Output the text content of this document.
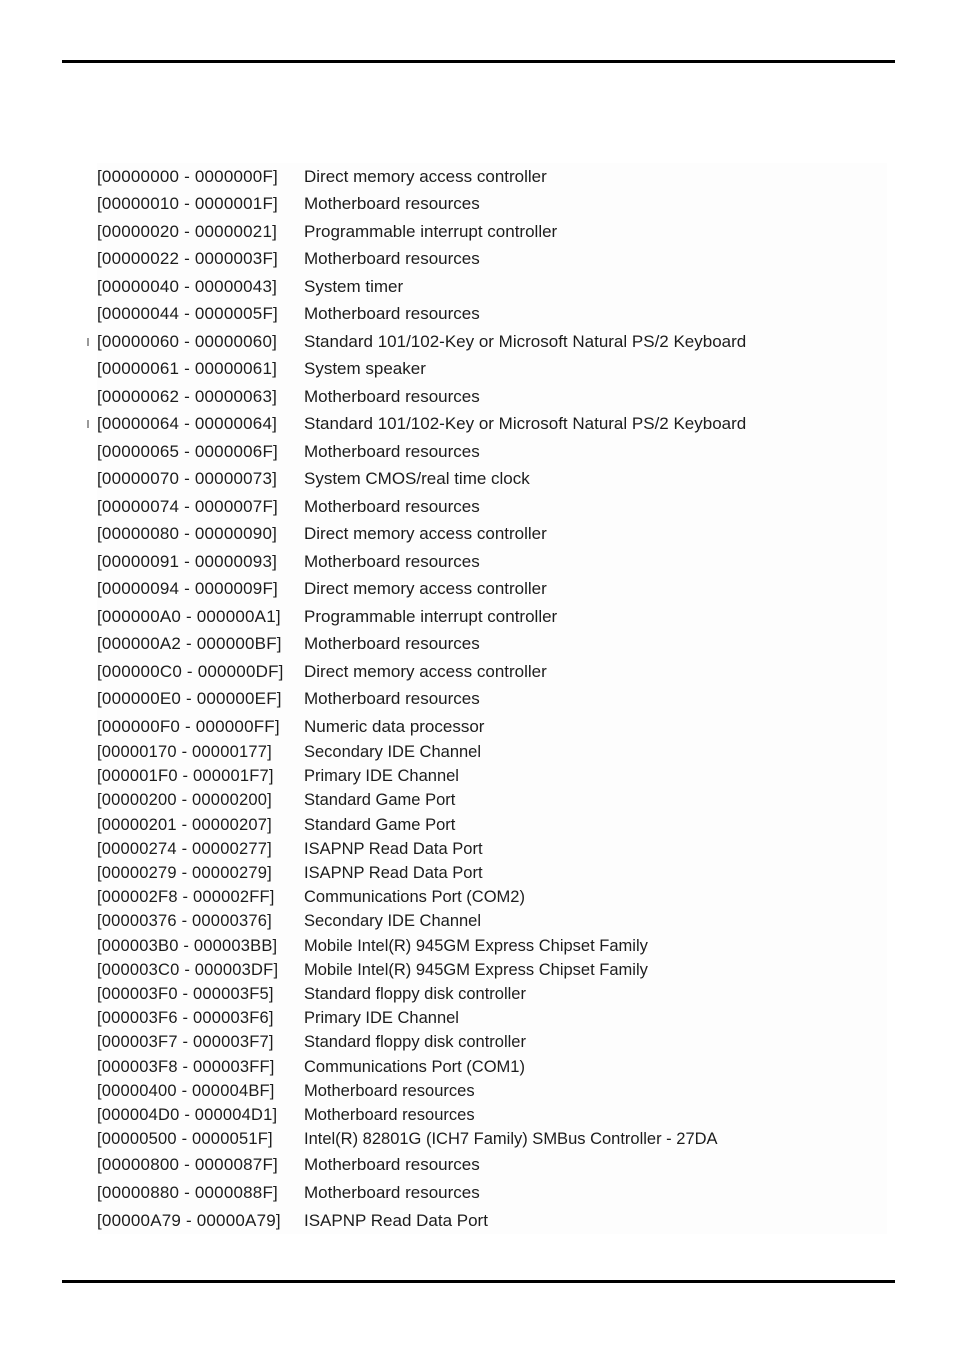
[00000000 - 0000000F]	Direct memory access controller
[00000010 - 0000001F]	Motherboard resources
[00000020 - 00000021]	Programmable interrupt controller
[00000022 - 0000003F]	Motherboard resources
[00000040 - 00000043]	System timer
[00000044 - 0000005F]	Motherboard resources
[00000060 - 00000060]	Standard 101/102-Key or Microsoft Natural PS/2 Keyboard
[00000061 - 00000061]	System speaker
[00000062 - 00000063]	Motherboard resources
[00000064 - 00000064]	Standard 101/102-Key or Microsoft Natural PS/2 Keyboard
[00000065 - 0000006F]	Motherboard resources
[00000070 - 00000073]	System CMOS/real time clock
[00000074 - 0000007F]	Motherboard resources
[00000080 - 00000090]	Direct memory access controller
[00000091 - 00000093]	Motherboard resources
[00000094 - 0000009F]	Direct memory access controller
[000000A0 - 000000A1]	Programmable interrupt controller
[000000A2 - 000000BF]	Motherboard resources
[000000C0 - 000000DF]	Direct memory access controller
[000000E0 - 000000EF]	Motherboard resources
[000000F0 - 000000FF]	Numeric data processor
[00000170 - 00000177]	Secondary IDE Channel
[000001F0 - 000001F7]	Primary IDE Channel
[00000200 - 00000200]	Standard Game Port
[00000201 - 00000207]	Standard Game Port
[00000274 - 00000277]	ISAPNP Read Data Port
[00000279 - 00000279]	ISAPNP Read Data Port
[000002F8 - 000002FF]	Communications Port (COM2)
[00000376 - 00000376]	Secondary IDE Channel
[000003B0 - 000003BB]	Mobile Intel(R) 945GM Express Chipset Family
[000003C0 - 000003DF]	Mobile Intel(R) 945GM Express Chipset Family
[000003F0 - 000003F5]	Standard floppy disk controller
[000003F6 - 000003F6]	Primary IDE Channel
[000003F7 - 000003F7]	Standard floppy disk controller
[000003F8 - 000003FF]	Communications Port (COM1)
[00000400 - 000004BF]	Motherboard resources
[000004D0 - 000004D1]	Motherboard resources
[00000500 - 0000051F]	Intel(R) 82801G (ICH7 Family) SMBus Controller - 27DA
[00000800 - 0000087F]	Motherboard resources
[00000880 - 0000088F]	Motherboard resources
[00000A79 - 00000A79]	ISAPNP Read Data Port
